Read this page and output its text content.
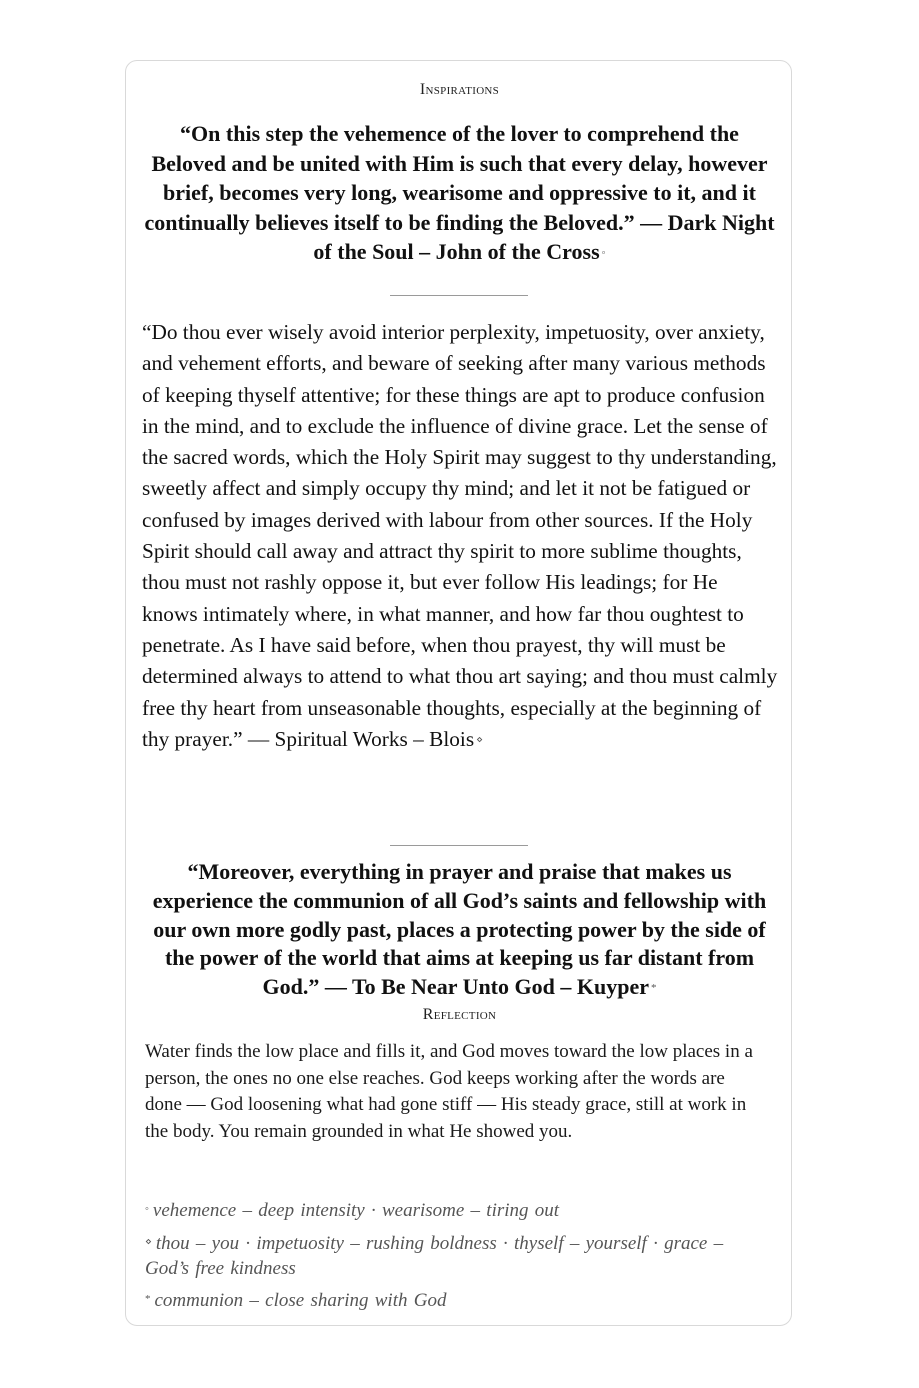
Inspirations
“On this step the vehemence of the lover to comprehend the Beloved and be united with Him is such that every delay, however brief, becomes very long, wearisome and oppressive to it, and it continually believes itself to be finding the Beloved.” — Dark Night of the Soul – John of the Cross ◦
“Do thou ever wisely avoid interior perplexity, impetuosity, over anxiety, and vehement efforts, and beware of seeking after many various methods of keeping thyself attentive; for these things are apt to produce confusion in the mind, and to exclude the influence of divine grace. Let the sense of the sacred words, which the Holy Spirit may suggest to thy understanding, sweetly affect and simply occupy thy mind; and let it not be fatigued or confused by images derived with labour from other sources. If the Holy Spirit should call away and attract thy spirit to more sublime thoughts, thou must not rashly oppose it, but ever follow His leadings; for He knows intimately where, in what manner, and how far thou oughtest to penetrate. As I have said before, when thou prayest, thy will must be determined always to attend to what thou art saying; and thou must calmly free thy heart from unseasonable thoughts, especially at the beginning of thy prayer.” — Spiritual Works – Blois ⋄
“Moreover, everything in prayer and praise that makes us experience the communion of all God’s saints and fellowship with our own more godly past, places a protecting power by the side of the power of the world that aims at keeping us far distant from God.” — To Be Near Unto God – Kuyper *
Reflection
Water finds the low place and fills it, and God moves toward the low places in a person, the ones no one else reaches. God keeps working after the words are done — God loosening what had gone stiff — His steady grace, still at work in the body. You remain grounded in what He showed you.
◦ vehemence – deep intensity · wearisome – tiring out
⋄ thou – you · impetuosity – rushing boldness · thyself – yourself · grace – God’s free kindness
* communion – close sharing with God
